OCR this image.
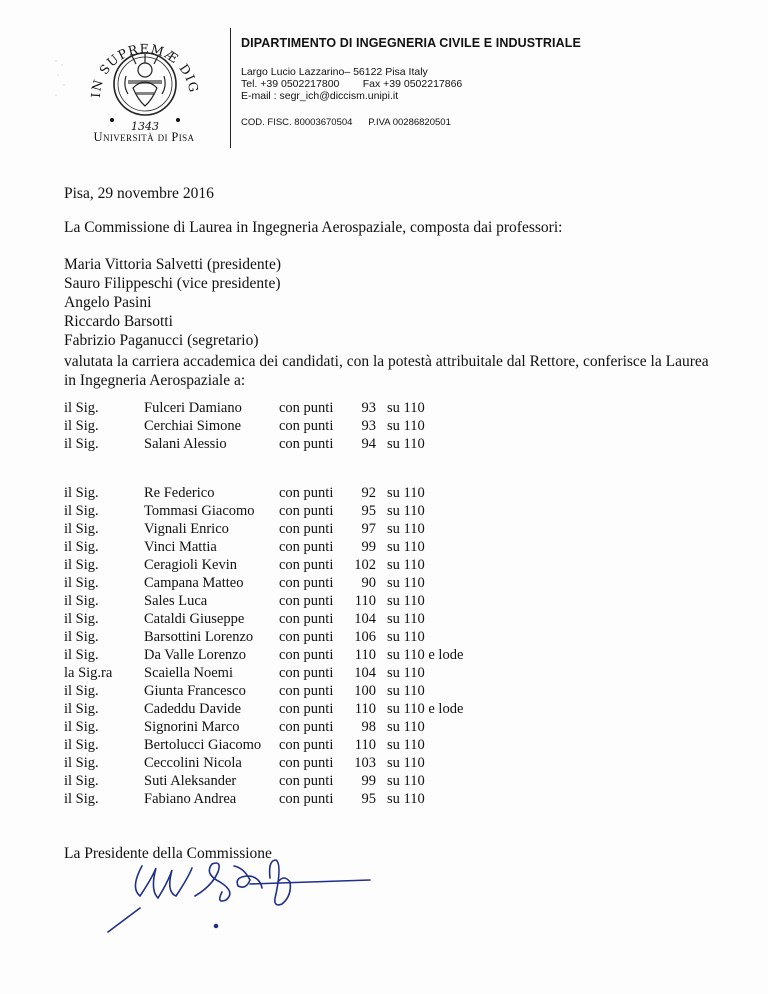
IN SUPREMÆ DIG
1343
Università di Pisa
DIPARTIMENTO DI INGEGNERIA CIVILE E INDUSTRIALE
Largo Lucio Lazzarino– 56122 Pisa Italy
Tel. +39 0502217800        Fax +39 0502217866
E-mail : segr_ich@diccism.unipi.it
COD. FISC. 80003670504      P.IVA 00286820501
Pisa, 29 novembre 2016
La Commissione di Laurea in Ingegneria Aerospaziale, composta dai professori:
Maria Vittoria Salvetti (presidente)
Sauro Filippeschi (vice presidente)
Angelo Pasini
Riccardo Barsotti
Fabrizio Paganucci (segretario)
valutata la carriera accademica dei candidati, con la potestà attribuitale dal Rettore, conferisce la Laurea in Ingegneria Aerospaziale a:
il Sig.	Fulceri Damiano	con punti	93 su 110
il Sig.	Cerchiai Simone	con punti	93 su 110
il Sig.	Salani Alessio	con punti	94 su 110
il Sig.	Re Federico	con punti	92 su 110
il Sig.	Tommasi Giacomo con punti	95 su 110
il Sig.	Vignali Enrico	con punti	97 su 110
il Sig.	Vinci Mattia	con punti	99 su 110
il Sig.	Ceragioli Kevin	con punti	102 su 110
il Sig.	Campana Matteo con punti	90 su 110
il Sig.	Sales Luca	con punti	110 su 110
il Sig.	Cataldi Giuseppe con punti	104 su 110
il Sig.	Barsottini Lorenzo con punti	106 su 110
il Sig.	Da Valle Lorenzo con punti	110 su 110 e lode
la Sig.ra Scaiella Noemi	con punti	104 su 110
il Sig.	Giunta Francesco con punti	100 su 110
il Sig.	Cadeddu Davide	con punti	110 su 110 e lode
il Sig.	Signorini Marco	con punti	98 su 110
il Sig.	Bertolucci Giacomo con punti	110 su 110
il Sig.	Ceccolini Nicola	con punti	103 su 110
il Sig.	Suti Aleksander	con punti	99 su 110
il Sig.	Fabiano Andrea	con punti	95 su 110
La Presidente della Commissione
